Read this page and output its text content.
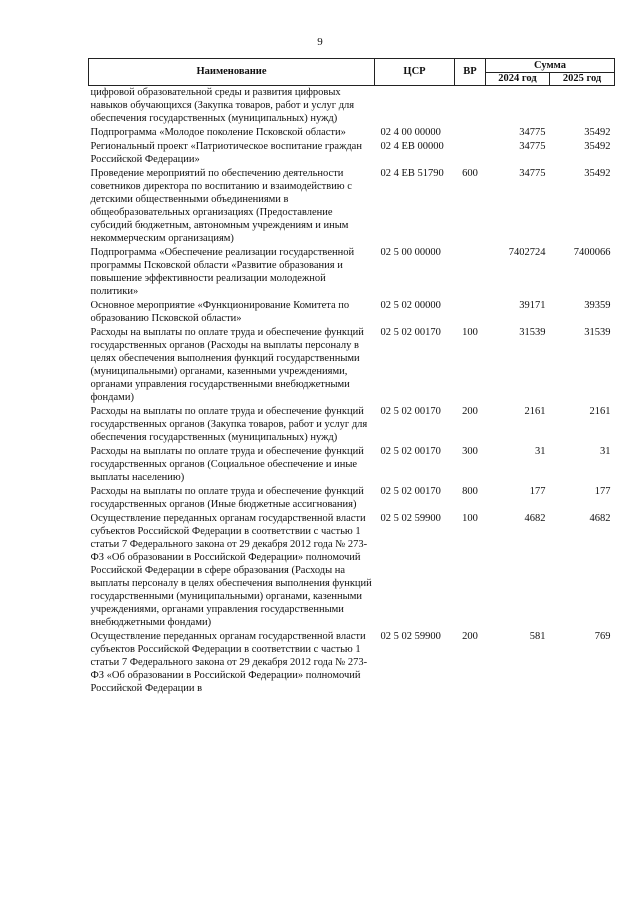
9
Наименование	ЦСР	ВР	Сумма	
			2024 год	2025 год
цифровой образовательной среды и развития цифровых навыков обучающихся (Закупка товаров, работ и услуг для обеспечения государственных (муниципальных) нужд)				
Подпрограмма «Молодое поколение Псковской области»	02 4 00 00000		34775	35492
Региональный проект «Патриотическое воспитание граждан Российской Федерации»	02 4 EB 00000		34775	35492
Проведение мероприятий по обеспечению деятельности советников директора по воспитанию и взаимодействию с детскими общественными объединениями в общеобразовательных организациях (Предоставление субсидий бюджетным, автономным учреждениям и иным некоммерческим организациям)	02 4 EB 51790	600	34775	35492
Подпрограмма «Обеспечение реализации государственной программы Псковской области «Развитие образования и повышение эффективности реализации молодежной политики»	02 5 00 00000		7402724	7400066
Основное мероприятие «Функционирование Комитета по образованию Псковской области»	02 5 02 00000		39171	39359
Расходы на выплаты по оплате труда и обеспечение функций государственных органов (Расходы на выплаты персоналу в целях обеспечения выполнения функций государственными (муниципальными) органами, казенными учреждениями, органами управления государственными внебюджетными фондами)	02 5 02 00170	100	31539	31539
Расходы на выплаты по оплате труда и обеспечение функций государственных органов (Закупка товаров, работ и услуг для обеспечения государственных (муниципальных) нужд)	02 5 02 00170	200	2161	2161
Расходы на выплаты по оплате труда и обеспечение функций государственных органов (Социальное обеспечение и иные выплаты населению)	02 5 02 00170	300	31	31
Расходы на выплаты по оплате труда и обеспечение функций государственных органов (Иные бюджетные ассигнования)	02 5 02 00170	800	177	177
Осуществление переданных органам государственной власти субъектов Российской Федерации в соответствии с частью 1 статьи 7 Федерального закона от 29 декабря 2012 года № 273-ФЗ «Об образовании в Российской Федерации» полномочий Российской Федерации в сфере образования (Расходы на выплаты персоналу в целях обеспечения выполнения функций государственными (муниципальными) органами, казенными учреждениями, органами управления государственными внебюджетными фондами)	02 5 02 59900	100	4682	4682
Осуществление переданных органам государственной власти субъектов Российской Федерации в соответствии с частью 1 статьи 7 Федерального закона от 29 декабря 2012 года № 273-ФЗ «Об образовании в Российской Федерации» полномочий Российской Федерации в	02 5 02 59900	200	581	769
